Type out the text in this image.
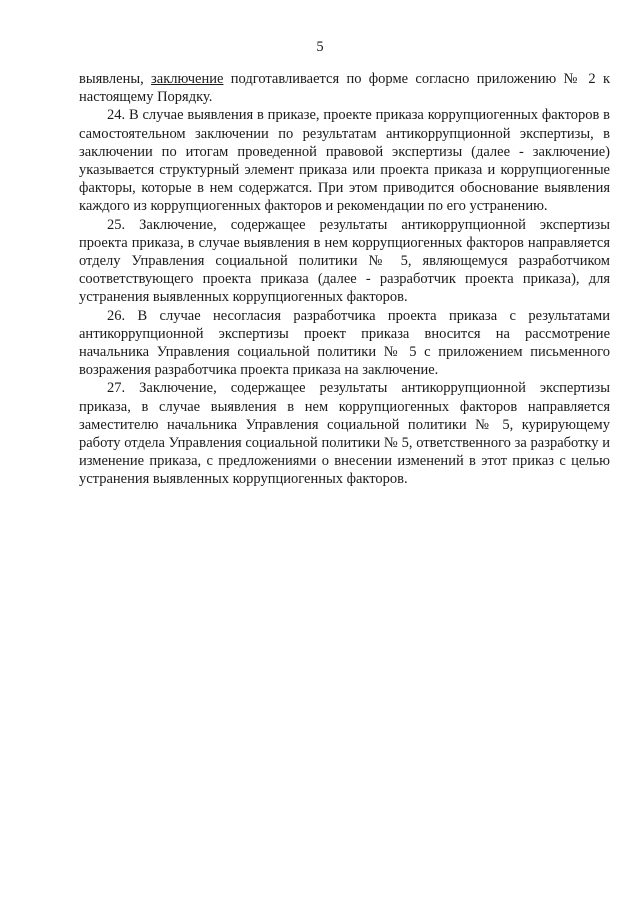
5

выявлены, заключение подготавливается по форме согласно приложению № 2 к настоящему Порядку.

24. В случае выявления в приказе, проекте приказа коррупциогенных факторов в самостоятельном заключении по результатам антикоррупционной экспертизы, в заключении по итогам проведенной правовой экспертизы (далее - заключение) указывается структурный элемент приказа или проекта приказа и коррупциогенные факторы, которые в нем содержатся. При этом приводится обоснование выявления каждого из коррупциогенных факторов и рекомендации по его устранению.

25. Заключение, содержащее результаты антикоррупционной экспертизы проекта приказа, в случае выявления в нем коррупциогенных факторов направляется отделу Управления социальной политики № 5, являющемуся разработчиком соответствующего проекта приказа (далее - разработчик проекта приказа), для устранения выявленных коррупциогенных факторов.

26. В случае несогласия разработчика проекта приказа с результатами антикоррупционной экспертизы проект приказа вносится на рассмотрение начальника Управления социальной политики № 5 с приложением письменного возражения разработчика проекта приказа на заключение.

27. Заключение, содержащее результаты антикоррупционной экспертизы приказа, в случае выявления в нем коррупциогенных факторов направляется заместителю начальника Управления социальной политики № 5, курирующему работу отдела Управления социальной политики № 5, ответственного за разработку и изменение приказа, с предложениями о внесении изменений в этот приказ с целью устранения выявленных коррупциогенных факторов.
